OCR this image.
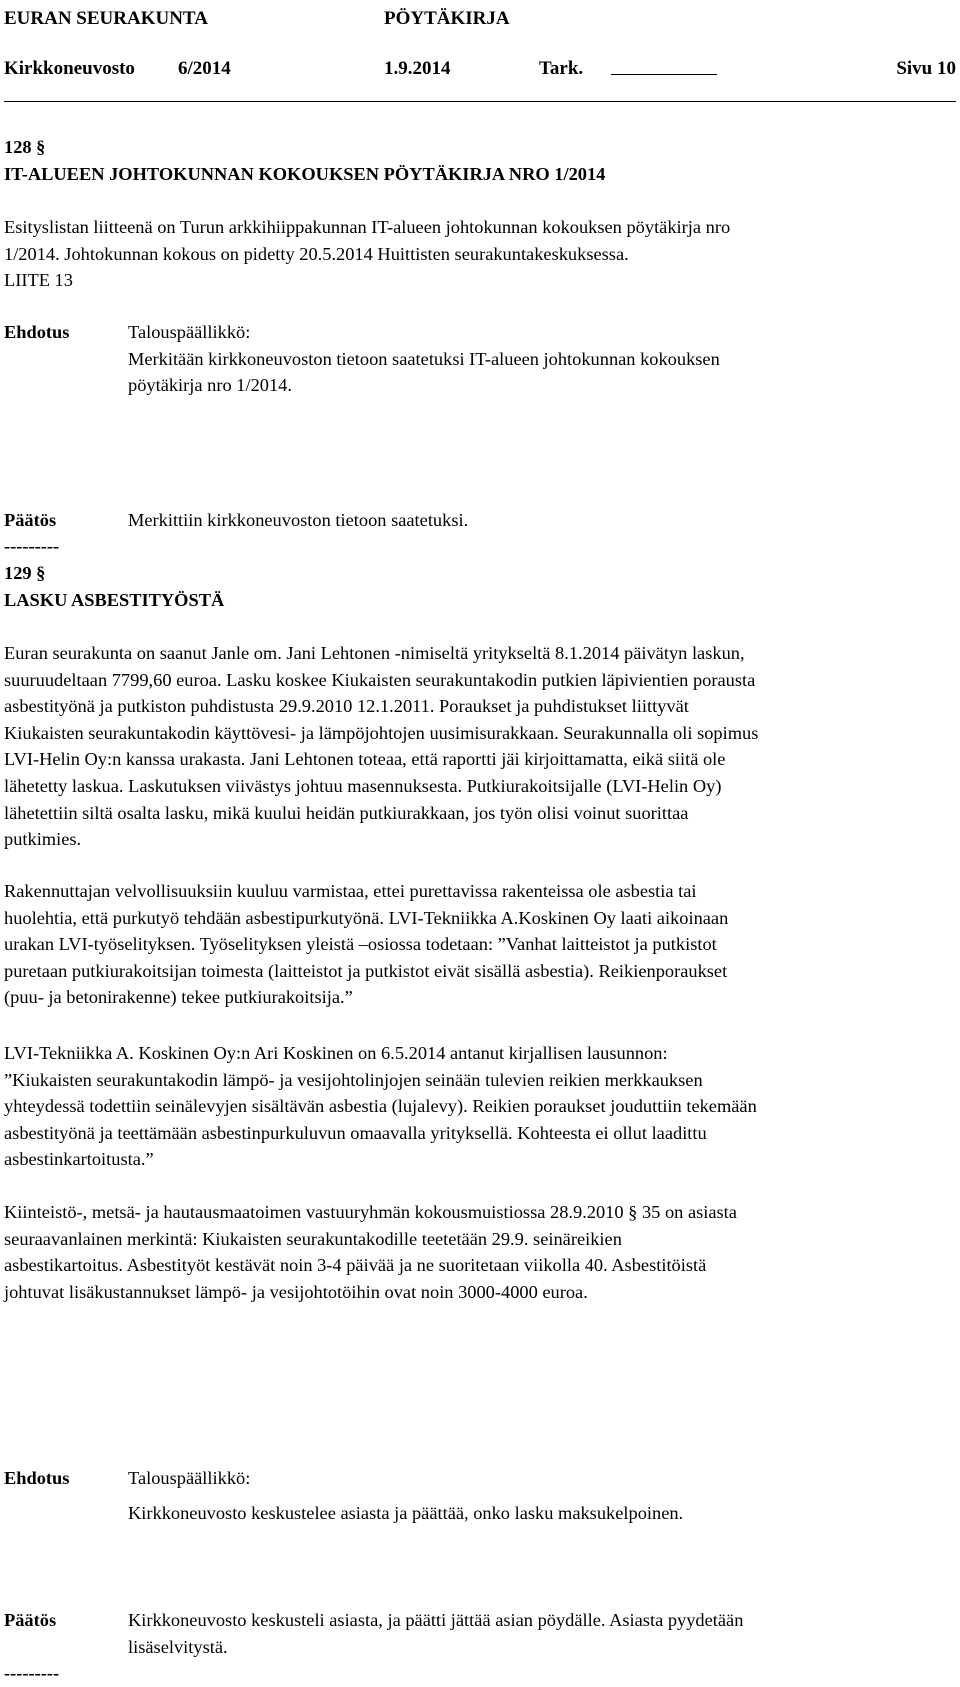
EURAN SEURAKUNTA	PÖYTÄKIRJA
Kirkkoneuvosto 6/2014	1.9.2014	Tark.
	Sivu 10

128 §

IT-ALUEEN JOHTOKUNNAN KOKOUKSEN PÖYTÄKIRJA NRO 1/2014

Esityslistan liitteenä on Turun arkkihiippakunnan IT-alueen johtokunnan kokouksen pöytäkirja nro

1/2014. Johtokunnan kokous on pidetty 20.5.2014 Huittisten seurakuntakeskuksessa.

LIITE 13

Ehdotus	Talouspäällikkö:

Merkitään kirkkoneuvoston tietoon saatetuksi IT-alueen johtokunnan kokouksen

pöytäkirja nro 1/2014.

Päätös	Merkittiin kirkkoneuvoston tietoon saatetuksi.

---------

129 §

LASKU ASBESTITYÖSTÄ

Euran seurakunta on saanut Janle om. Jani Lehtonen -nimiseltä yritykseltä 8.1.2014 päivätyn laskun,

suuruudeltaan 7799,60 euroa. Lasku koskee Kiukaisten seurakuntakodin putkien läpivientien porausta

asbestityönä ja putkiston puhdistusta 29.9.2010 12.1.2011. Poraukset ja puhdistukset liittyvät

Kiukaisten seurakuntakodin käyttövesi- ja lämpöjohtojen uusimisurakkaan. Seurakunnalla oli sopimus

LVI-Helin Oy:n kanssa urakasta. Jani Lehtonen toteaa, että raportti jäi kirjoittamatta, eikä siitä ole

lähetetty laskua. Laskutuksen viivästys johtuu masennuksesta. Putkiurakoitsijalle (LVI-Helin Oy)

lähetettiin siltä osalta lasku, mikä kuului heidän putkiurakkaan, jos työn olisi voinut suorittaa

putkimies.

Rakennuttajan velvollisuuksiin kuuluu varmistaa, ettei purettavissa rakenteissa ole asbestia tai

huolehtia, että purkutyö tehdään asbestipurkutyönä. LVI-Tekniikka A.Koskinen Oy laati aikoinaan

urakan LVI-työselityksen. Työselityksen yleistä –osiossa todetaan: ”Vanhat laitteistot ja putkistot

puretaan putkiurakoitsijan toimesta (laitteistot ja putkistot eivät sisällä asbestia). Reikienporaukset

(puu- ja betonirakenne) tekee putkiurakoitsija.”

LVI-Tekniikka A. Koskinen Oy:n Ari Koskinen on 6.5.2014 antanut kirjallisen lausunnon:

”Kiukaisten seurakuntakodin lämpö- ja vesijohtolinjojen seinään tulevien reikien merkkauksen

yhteydessä todettiin seinälevyjen sisältävän asbestia (lujalevy). Reikien poraukset jouduttiin tekemään

asbestityönä ja teettämään asbestinpurkuluvun omaavalla yrityksellä. Kohteesta ei ollut laadittu

asbestinkartoitusta.”

Kiinteistö-, metsä- ja hautausmaatoimen vastuuryhmän kokousmuistiossa 28.9.2010 § 35 on asiasta

seuraavanlainen merkintä: Kiukaisten seurakuntakodille teetetään 29.9. seinäreikien

asbestikartoitus. Asbestityöt kestävät noin 3-4 päivää ja ne suoritetaan viikolla 40. Asbestitöistä

johtuvat lisäkustannukset lämpö- ja vesijohtotöihin ovat noin 3000-4000 euroa.

Ehdotus	Talouspäällikkö:

Kirkkoneuvosto keskustelee asiasta ja päättää, onko lasku maksukelpoinen.

Päätös	Kirkkoneuvosto keskusteli asiasta, ja päätti jättää asian pöydälle. Asiasta pyydetään

lisäselvitystä.

---------
